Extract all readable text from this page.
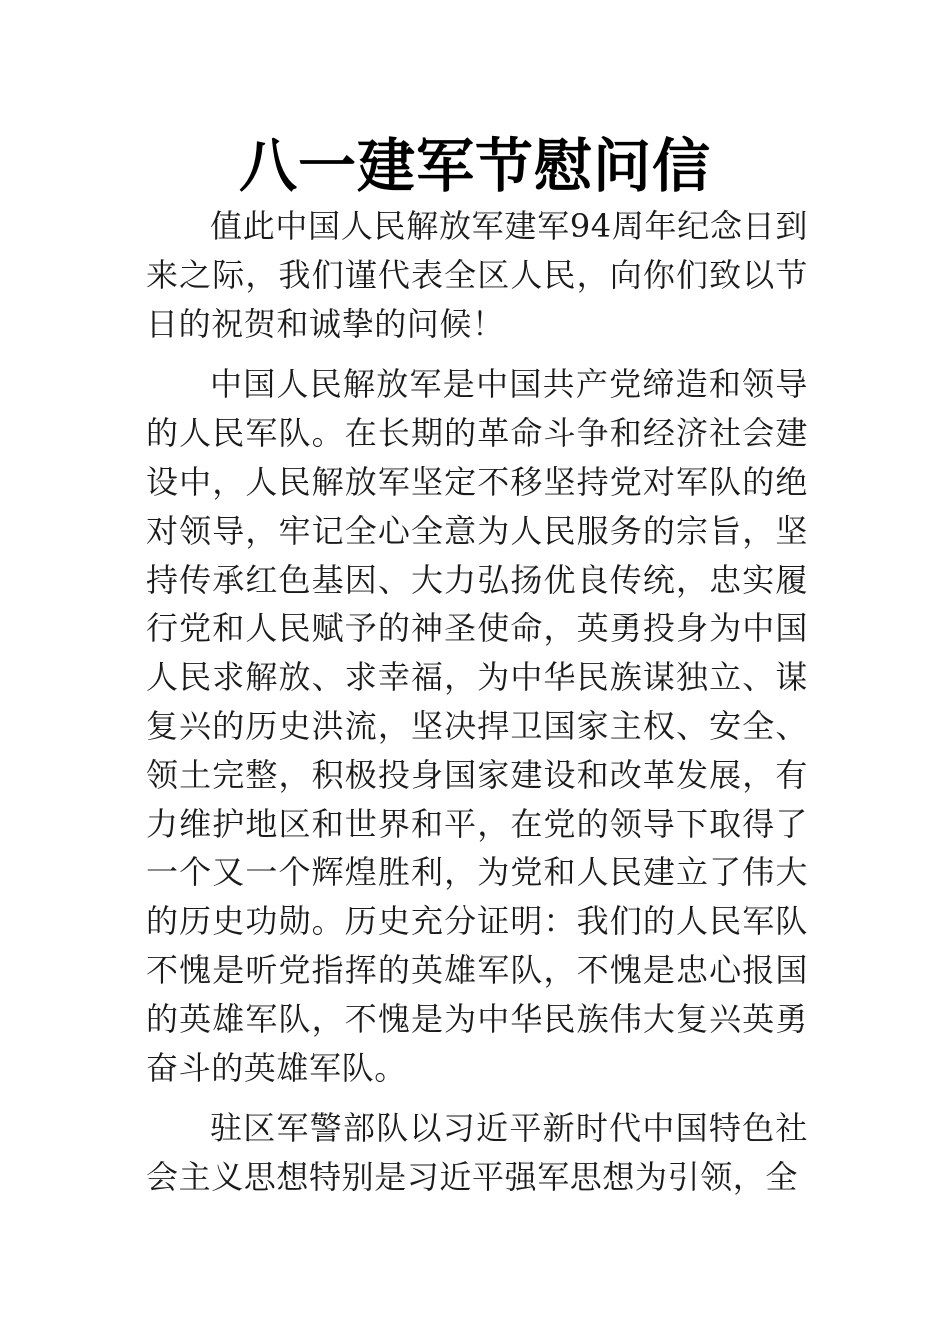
八一建军节慰问信

值此中国人民解放军建军94周年纪念日到来之际，我们谨代表全区人民，向你们致以节日的祝贺和诚挚的问候！

中国人民解放军是中国共产党缔造和领导的人民军队。在长期的革命斗争和经济社会建设中，人民解放军坚定不移坚持党对军队的绝对领导，牢记全心全意为人民服务的宗旨，坚持传承红色基因、大力弘扬优良传统，忠实履行党和人民赋予的神圣使命，英勇投身为中国人民求解放、求幸福，为中华民族谋独立、谋复兴的历史洪流，坚决捍卫国家主权、安全、领土完整，积极投身国家建设和改革发展，有力维护地区和世界和平，在党的领导下取得了一个又一个辉煌胜利，为党和人民建立了伟大的历史功勋。历史充分证明：我们的人民军队不愧是听党指挥的英雄军队，不愧是忠心报国的英雄军队，不愧是为中华民族伟大复兴英勇奋斗的英雄军队。

驻区军警部队以习近平新时代中国特色社会主义思想特别是习近平强军思想为引领，全
